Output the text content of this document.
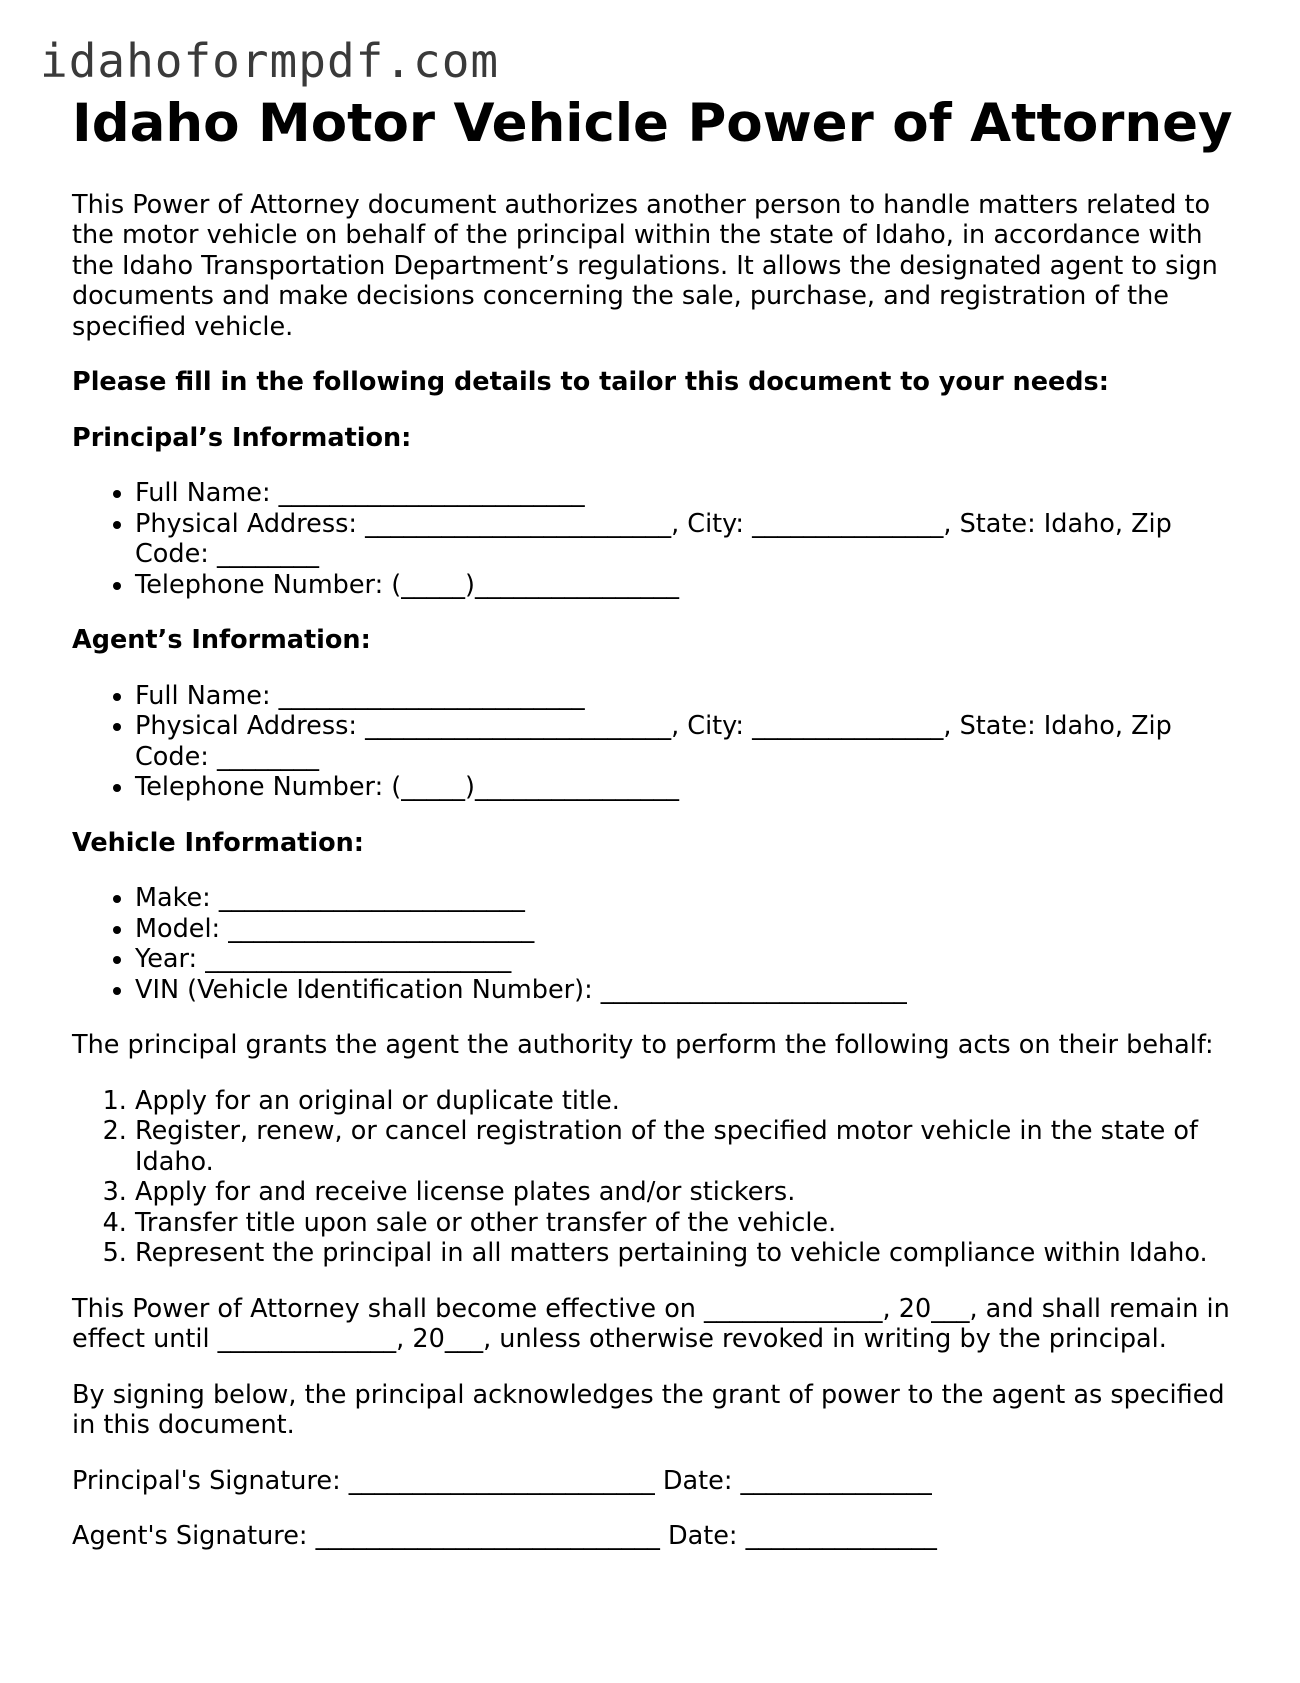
idahoformpdf.com
Idaho Motor Vehicle Power of Attorney

This Power of Attorney document authorizes another person to handle matters related to the motor vehicle on behalf of the principal within the state of Idaho, in accordance with the Idaho Transportation Department’s regulations. It allows the designated agent to sign documents and make decisions concerning the sale, purchase, and registration of the specified vehicle.

Please fill in the following details to tailor this document to your needs:

Principal’s Information:

• Full Name: ________________________
• Physical Address: ________________________, City: _______________, State: Idaho, Zip Code: ________
• Telephone Number: (_____)________________

Agent’s Information:

• Full Name: ________________________
• Physical Address: ________________________, City: _______________, State: Idaho, Zip Code: ________
• Telephone Number: (_____)________________

Vehicle Information:

• Make: ________________________
• Model: ________________________
• Year: ________________________
• VIN (Vehicle Identification Number): ________________________

The principal grants the agent the authority to perform the following acts on their behalf:

1. Apply for an original or duplicate title.
2. Register, renew, or cancel registration of the specified motor vehicle in the state of Idaho.
3. Apply for and receive license plates and/or stickers.
4. Transfer title upon sale or other transfer of the vehicle.
5. Represent the principal in all matters pertaining to vehicle compliance within Idaho.

This Power of Attorney shall become effective on ______________, 20___, and shall remain in effect until ______________, 20___, unless otherwise revoked in writing by the principal.

By signing below, the principal acknowledges the grant of power to the agent as specified in this document.

Principal's Signature: ________________________ Date: _______________

Agent's Signature: ___________________________ Date: _______________
